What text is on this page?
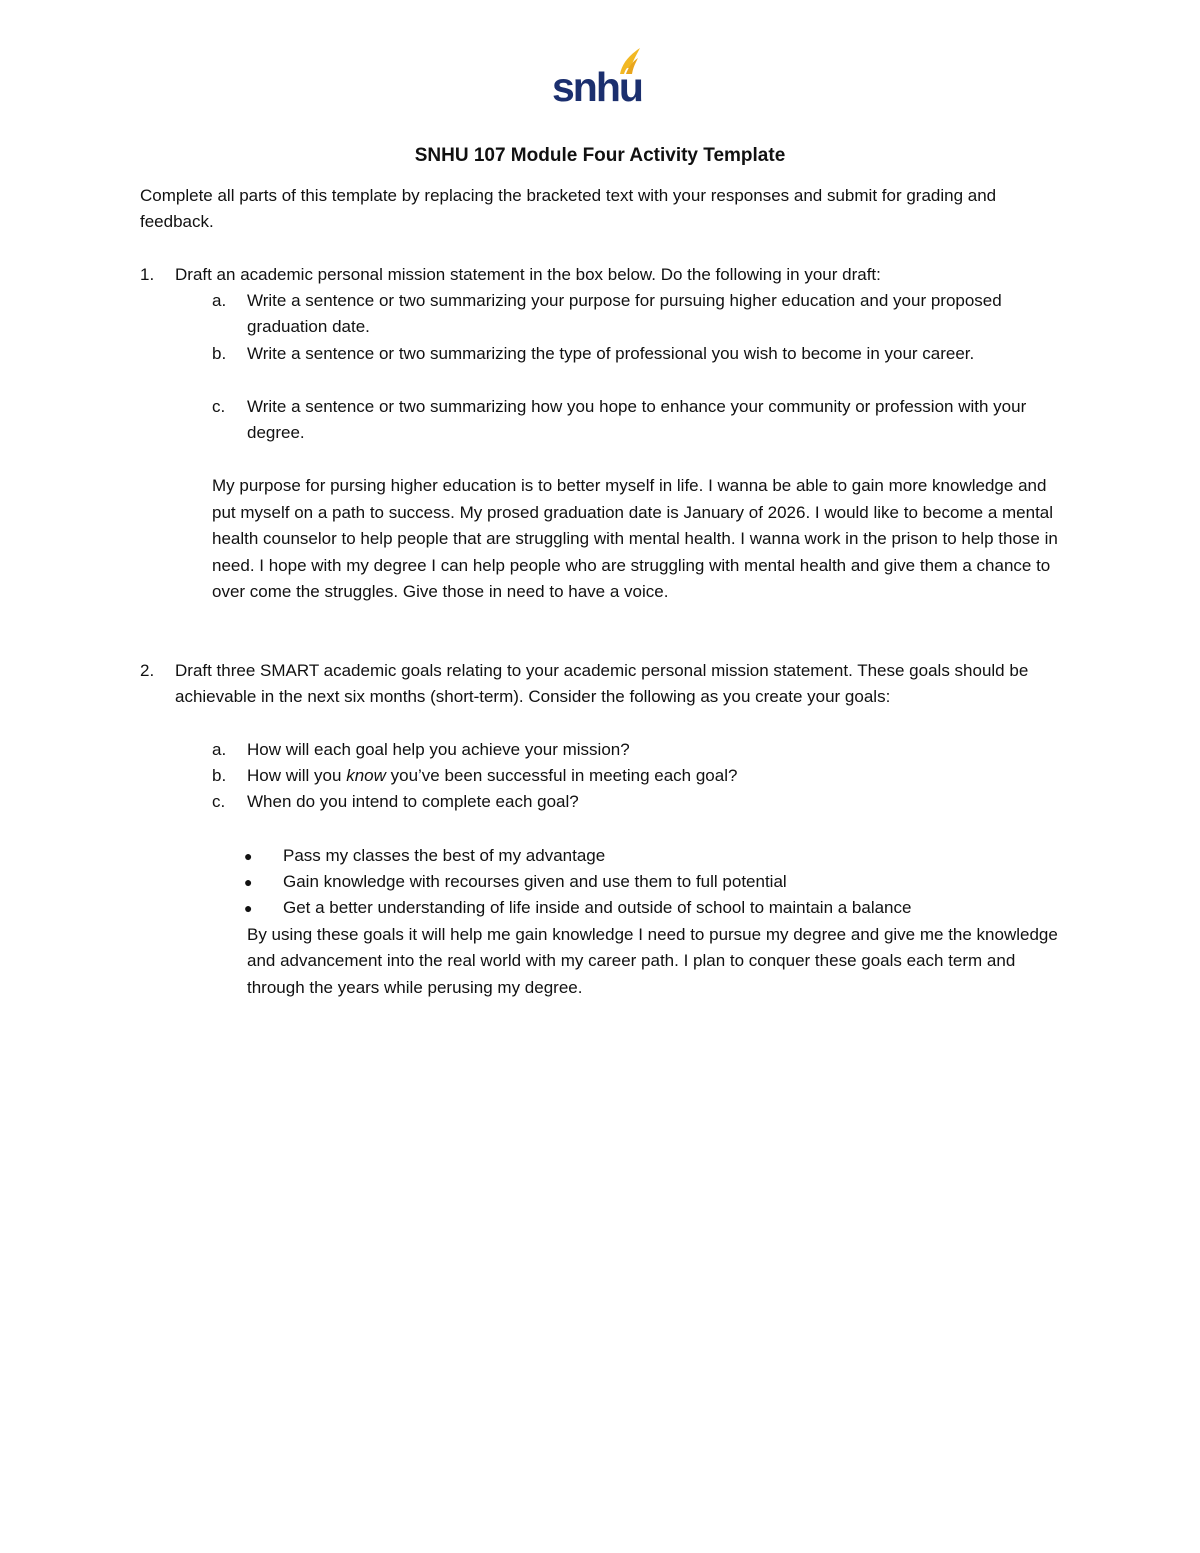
snhu
SNHU 107 Module Four Activity Template
Complete all parts of this template by replacing the bracketed text with your responses and submit for grading and feedback.
1. Draft an academic personal mission statement in the box below. Do the following in your draft:
a. Write a sentence or two summarizing your purpose for pursuing higher education and your proposed graduation date.
b. Write a sentence or two summarizing the type of professional you wish to become in your career.
c. Write a sentence or two summarizing how you hope to enhance your community or profession with your degree.
My purpose for pursing higher education is to better myself in life. I wanna be able to gain more knowledge and put myself on a path to success. My prosed graduation date is January of 2026. I would like to become a mental health counselor to help people that are struggling with mental health. I wanna work in the prison to help those in need. I hope with my degree I can help people who are struggling with mental health and give them a chance to over come the struggles. Give those in need to have a voice.
2. Draft three SMART academic goals relating to your academic personal mission statement. These goals should be achievable in the next six months (short-term). Consider the following as you create your goals:
a. How will each goal help you achieve your mission?
b. How will you know you’ve been successful in meeting each goal?
c. When do you intend to complete each goal?
● Pass my classes the best of my advantage
● Gain knowledge with recourses given and use them to full potential
● Get a better understanding of life inside and outside of school to maintain a balance
By using these goals it will help me gain knowledge I need to pursue my degree and give me the knowledge and advancement into the real world with my career path. I plan to conquer these goals each term and through the years while perusing my degree.
